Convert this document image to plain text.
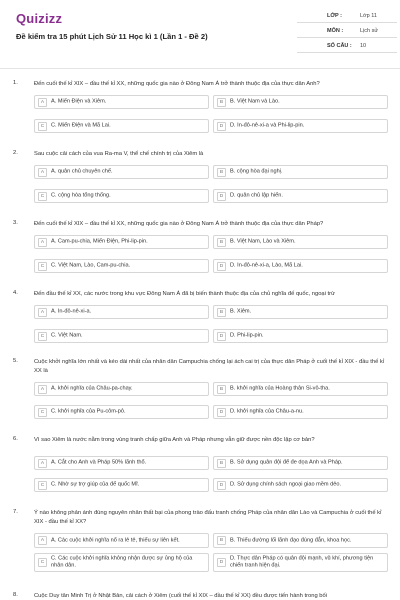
Quizizz
Đề kiểm tra 15 phút Lịch Sử 11 Học kì 1 (Lần 1 - Đề 2)
LỚP :	Lớp 11
MÔN :	Lịch sử
SỐ CÂU : 10
1.	Đến cuối thế kỉ XIX – đầu thế kỉ XX, những quốc gia nào ở Đông Nam Á trở thành thuộc địa của thực dân Anh?
A	A. Miến Điện và Xiêm.	B	B. Việt Nam và Lào.
C	C. Miến Điện và Mã Lai.	D	D. In-đô-nê-xi-a và Phi-lip-pin.
2.	Sau cuộc cải cách của vua Ra-ma V, thể chế chính trị của Xiêm là
A	A. quân chủ chuyên chế.	B	B. cộng hòa đại nghị.
C	C. cộng hòa tổng thống.	D	D. quân chủ lập hiến.
3.	Đến cuối thế kỉ XIX – đầu thế kỉ XX, những quốc gia nào ở Đông Nam Á trở thành thuộc địa của thực dân Pháp?
A	A. Cam-pu-chia, Miến Điện, Phi-lip-pin.	B	B. Việt Nam, Lào và Xiêm.
C	C. Việt Nam, Lào, Cam-pu-chia.	D	D. In-đô-nê-xi-a, Lào, Mã Lai.
4.	Đến đầu thế kỉ XX, các nước trong khu vực Đông Nam Á đã bị biến thành thuộc địa của chủ nghĩa đế quốc, ngoại trừ
A	A. In-đô-nê-xi-a.	B	B. Xiêm.
C	C. Việt Nam.	D	D. Phi-lip-pin.
5.	Cuộc khởi nghĩa lớn nhất và kéo dài nhất của nhân dân Campuchia chống lại ách cai trị của thực dân Pháp ở cuối thế kỉ XIX - đầu thế kỉ XX là
A	A. khởi nghĩa của Châu-pa-chay.	B	B. khởi nghĩa của Hoàng thân Si-vô-tha.
C	C. khởi nghĩa của Pu-côm-pô.	D	D. khởi nghĩa của Châu-a-nu.
6.	Vì sao Xiêm là nước nằm trong vùng tranh chấp giữa Anh và Pháp nhưng vẫn giữ được nền độc lập cơ bản?
A	A. Cắt cho Anh và Pháp 50% lãnh thổ.	B	B. Sử dụng quân đội để đe dọa Anh và Pháp.
C	C. Nhờ sự trợ giúp của đế quốc Mĩ.	D	D. Sử dụng chính sách ngoại giao mềm dẻo.
7.	Ý nào không phản ánh đúng nguyên nhân thất bại của phong trào đấu tranh chống Pháp của nhân dân Lào và Campuchia ở cuối thế kỉ XIX - đầu thế kỉ XX?
A	A. Các cuộc khởi nghĩa nổ ra lẻ tẻ, thiếu sự liên kết.	B	B. Thiếu đường lối lãnh đạo đúng đắn, khoa học.
C
C. Các cuộc khởi nghĩa không nhận được sự ủng hộ của nhân dân.	D
D. Thực dân Pháp có quân đội mạnh, vũ khí, phương tiện chiến tranh hiện đại.
8.	Cuộc Duy tân Minh Trị ở Nhật Bản, cải cách ở Xiêm (cuối thế kỉ XIX – đầu thế kỉ XX) đều được tiến hành trong bối
